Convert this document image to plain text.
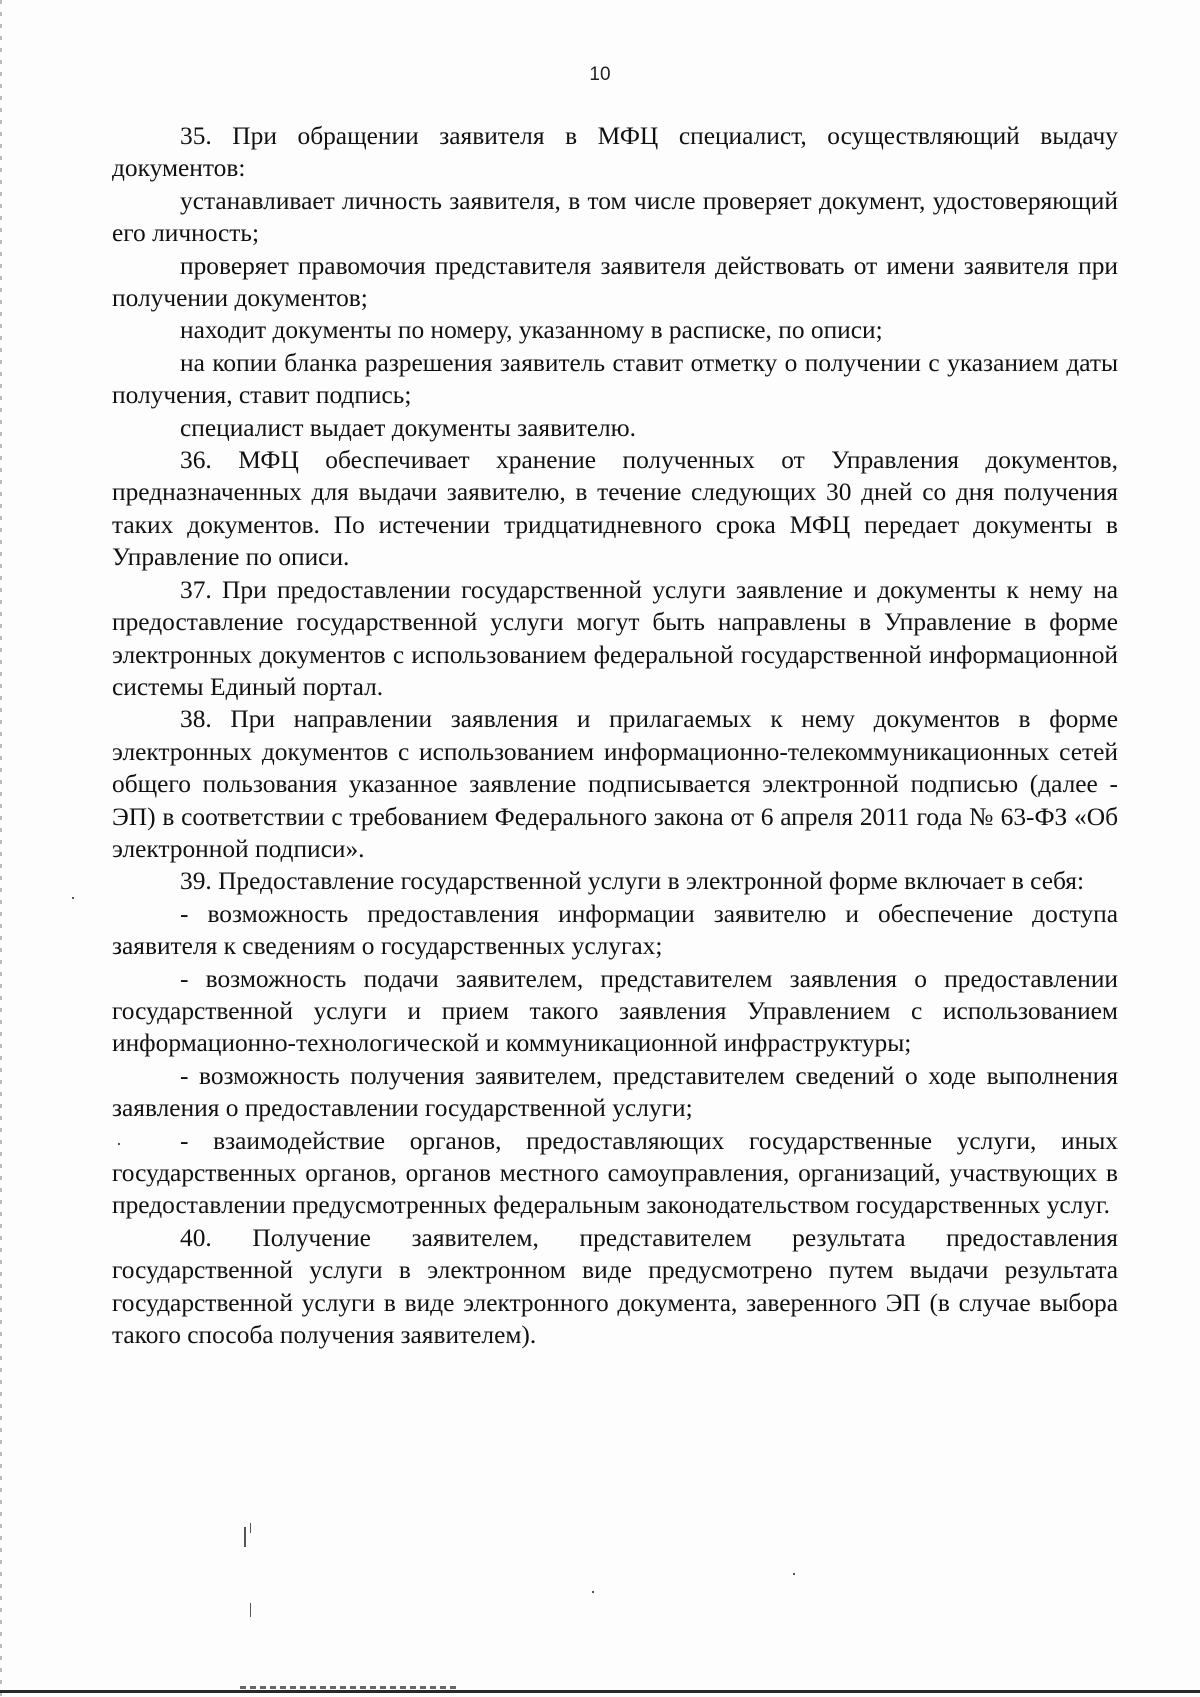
10

35. При обращении заявителя в МФЦ специалист, осуществляющий выдачу документов:

устанавливает личность заявителя, в том числе проверяет документ, удостоверяющий его личность;

проверяет правомочия представителя заявителя действовать от имени заявителя при получении документов;

находит документы по номеру, указанному в расписке, по описи;

на копии бланка разрешения заявитель ставит отметку о получении с указанием даты получения, ставит подпись;

специалист выдает документы заявителю.

36. МФЦ обеспечивает хранение полученных от Управления документов, предназначенных для выдачи заявителю, в течение следующих 30 дней со дня получения таких документов. По истечении тридцатидневного срока МФЦ передает документы в Управление по описи.

37. При предоставлении государственной услуги заявление и документы к нему на предоставление государственной услуги могут быть направлены в Управление в форме электронных документов с использованием федеральной государственной информационной системы Единый портал.

38. При направлении заявления и прилагаемых к нему документов в форме электронных документов с использованием информационно-телекоммуникационных сетей общего пользования указанное заявление подписывается электронной подписью (далее - ЭП) в соответствии с требованием Федерального закона от 6 апреля 2011 года № 63-ФЗ «Об электронной подписи».

39. Предоставление государственной услуги в электронной форме включает в себя:

- возможность предоставления информации заявителю и обеспечение доступа заявителя к сведениям о государственных услугах;

- возможность подачи заявителем, представителем заявления о предоставлении государственной услуги и прием такого заявления Управлением с использованием информационно-технологической и коммуникационной инфраструктуры;

- возможность получения заявителем, представителем сведений о ходе выполнения заявления о предоставлении государственной услуги;

- взаимодействие органов, предоставляющих государственные услуги, иных государственных органов, органов местного самоуправления, организаций, участвующих в предоставлении предусмотренных федеральным законодательством государственных услуг.

40. Получение заявителем, представителем результата предоставления государственной услуги в электронном виде предусмотрено путем выдачи результата государственной услуги в виде электронного документа, заверенного ЭП (в случае выбора такого способа получения заявителем).
